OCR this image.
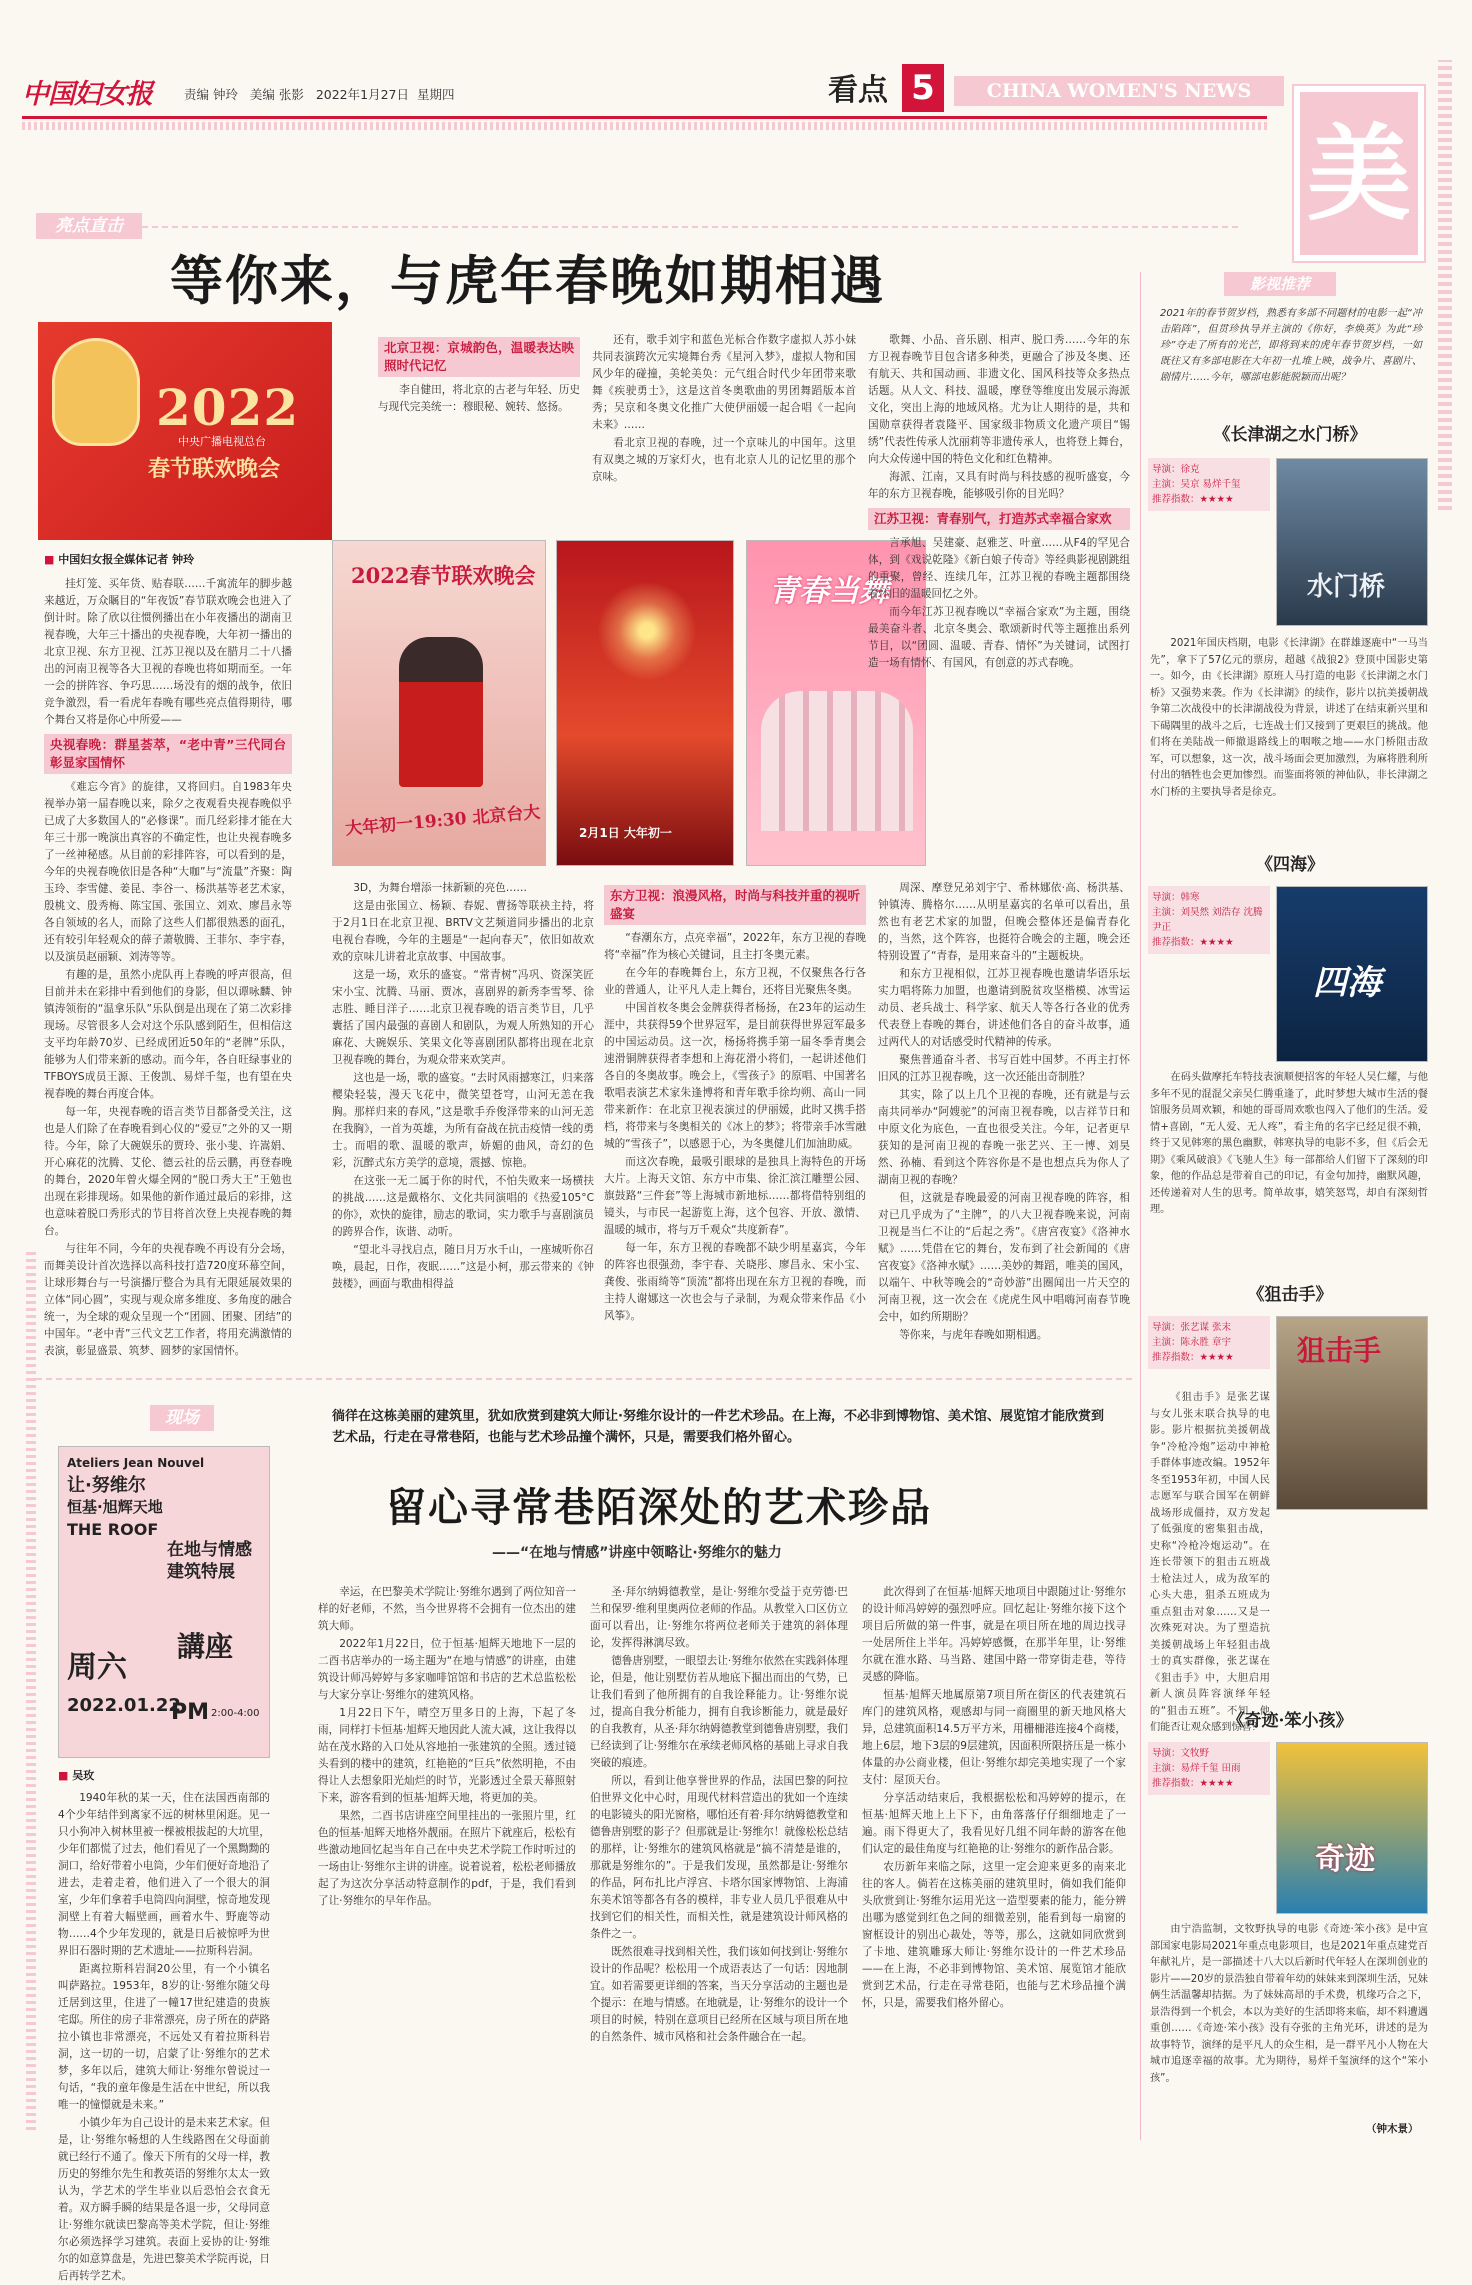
中国妇女报	责编 钟玲 美编 张影 2022年1月27日 星期四	看点 5	CHINA WOMEN'S NEWS
美
亮点直击
等你来，与虎年春晚如期相遇
2022
中央广播电视总台
春节联欢晚会
■ 中国妇女报全媒体记者 钟玲

挂灯笼、买年货、贴春联……千寓流年的脚步越来越近，万众瞩目的“年夜饭”春节联欢晚会也进入了倒计时。除了欣以往惯例播出在小年夜播出的湖南卫视春晚，大年三十播出的央视春晚，大年初一播出的北京卫视、东方卫视、江苏卫视以及在腊月二十八播出的河南卫视等各大卫视的春晚也将如期而至。一年一会的拼阵容、争巧思……场没有的烟的战争，依旧竞争激烈，看一看虎年春晚有哪些亮点值得期待，哪个舞台又将是你心中所爱——

央视春晚：群星荟萃，“老中青”三代同台彰显家国情怀

《难忘今宵》的旋律，又将回归。自1983年央视举办第一届春晚以来，除夕之夜观看央视春晚似乎已成了大多数国人的“必修课”。而几经彩排才能在大年三十那一晚演出真容的不确定性，也让央视春晚多了一丝神秘感。从目前的彩排阵容，可以看到的是，今年的央视春晚依旧是各种“大咖”与“流量”齐聚：陶玉玲、李雪健、姜昆、李谷一、杨洪基等老艺术家，殷桃文、殷秀梅、陈宝国、张国立、刘欢、廖昌永等各自领域的名人，而除了这些人们都很熟悉的面孔，还有较引年轻观众的薛子萧敬腾、王菲尔、李宇春，以及演员赵丽颖、刘涛等等。

有趣的是，虽然小虎队再上春晚的呼声很高，但目前并未在彩排中看到他们的身影，但以谭咏麟、钟镇涛领衔的“温拿乐队”乐队倒是出现在了第二次彩排现场。尽管很多人会对这个乐队感到陌生，但相信这支平均年龄70岁、已经成团近50年的“老牌”乐队，能够为人们带来新的感动。而今年，各自旺绿事业的TFBOYS成员王源、王俊凯、易烊千玺，也有望在央视春晚的舞台再度合体。

每一年，央视春晚的语言类节目都备受关注，这也是人们除了在春晚看到心仪的“爱豆”之外的又一期待。今年，除了大碗娱乐的贾玲、张小斐、许嵩娟、开心麻花的沈腾、艾伦、德云社的岳云鹏，再登春晚的舞台，2020年曾火爆全网的“脱口秀大王”王勉也出现在彩排现场。如果他的新作通过最后的彩排，这也意味着脱口秀形式的节目将首次登上央视春晚的舞台。

与往年不同，今年的央视春晚不再设有分会场，而舞美设计首次选择以高科技打造720度环幕空间，让球形舞台与一号演播厅整合为具有无限延展效果的立体“同心圆”，实现与观众席多维度、多角度的融合统一，为全球的观众呈现一个“团圆、团聚、团结”的中国年。“老中青”三代文艺工作者，将用充满激情的表演，彰显盛景、筑梦、圆梦的家国情怀。

北京卫视：京城韵色，温暖表达映照时代记忆

李自健田，将北京的古老与年轻、历史与现代完美统一：穆眼秘、婉转、悠扬。

还有，歌手刘宇和蓝色光标合作数字虚拟人苏小妹共同表演跨次元实境舞台秀《星河入梦》，虚拟人物和国风少年的碰撞，美轮美奂：元气组合时代少年团带来歌舞《疾驶勇士》，这是这首冬奥歌曲的男团舞蹈版本首秀；吴京和冬奥文化推广大使伊丽媛一起合唱《一起向未来》……

看北京卫视的春晚，过一个京味儿的中国年。这里有双奥之城的万家灯火，也有北京人儿的记忆里的那个京味。

2022春节联欢晚会
大年初一19:30 北京台大	2月1日 大年初一
青春当舞

3D，为舞台增添一抹新颖的亮色……

这是由张国立、杨颖、春妮、曹扬等联袂主持，将于2月1日在北京卫视、BRTV文艺频道同步播出的北京电视台春晚，今年的主题是“一起向春天”，依旧如故欢欢的京味儿讲着北京故事、中国故事。

这是一场，欢乐的盛宴。“常青树”冯巩、资深笑匠宋小宝、沈腾、马丽、贾冰，喜剧界的新秀李雪琴、徐志胜、睡目洋子……北京卫视春晚的语言类节目，几乎囊括了国内最强的喜剧人和剧队，为观人所熟知的开心麻花、大碗娱乐、笑果文化等喜剧团队都将出现在北京卫视春晚的舞台，为观众带来欢笑声。

这也是一场，歌的盛宴。“去时风雨撼寒江，归来落樱染轻装，漫天飞花中，微笑望苍穹，山河无恙在我胸。那样归来的春风，”这是歌手乔俊泽带来的山河无恙在我胸》，一首为英雄，为所有奋战在抗击疫情一线的勇士。而唱的歌、温暖的歌声，娇媚的曲风，奇幻的色彩，沉醉式东方美学的意境，震撼、惊艳。

在这张一无二属于你的时代，不怕失败来一场横扶的挑战……这是戴格尔、文化共同演唱的《热爱105°C的你》，欢快的旋律，励志的歌词，实力歌手与喜剧演员的跨界合作，诙谐、动听。

“望北斗寻找启点，随日月万水千山，一座城听你召唤，晨起，日作，夜眠……”这是小柯，那云带来的《钟鼓楼》，画面与歌曲相得益

东方卫视：浪漫风格，时尚与科技并重的视听盛宴

“春潮东方，点亮幸福”，2022年，东方卫视的春晚将“幸福”作为核心关键词，且主打冬奥元素。

在今年的春晚舞台上，东方卫视，不仅聚焦各行各业的普通人，让平凡人走上舞台，还将目光聚焦冬奥。

中国首枚冬奥会金牌获得者杨扬，在23年的运动生涯中，共获得59个世界冠军，是目前获得世界冠军最多的中国运动员。这一次，杨扬将携手第一届冬季青奥会速滑铜牌获得者李想和上海花滑小将们，一起讲述他们各自的冬奥故事。晚会上，《雪孩子》的原唱、中国著名歌唱表演艺术家朱逢博将和青年歌手徐均朔、高山一同带来新作：在北京卫视表演过的伊丽媛，此时又携手搭档，将带来与冬奥相关的《冰上的梦》；将带亲手冰雪融城的“雪孩子”，以感恩于心，为冬奥健儿们加油助威。

而这次春晚，最吸引眼球的是独具上海特色的开场大片。上海天文馆、东方中市集、徐汇滨江雕塑公园、旗鼓路“三件套”等上海城市新地标……都将借特别组的镜头，与市民一起游览上海，这个包容、开放、激情、温暖的城市，将与万千观众“共度新春”。

每一年，东方卫视的春晚都不缺少明星嘉宾，今年的阵容也很强劲，李宇春、关晓彤、廖昌永、宋小宝、龚俊、张雨绮等“顶流”都将出现在东方卫视的春晚，而主持人谢娜这一次也会与子录制，为观众带来作品《小风筝》。

歌舞、小品、音乐剧、相声、脱口秀……今年的东方卫视春晚节目包含诸多种类，更融合了涉及冬奥、还有航天、共和国动画、非遗文化、国风科技等众多热点话题。从人文、科技、温暖，摩登等维度出发展示海派文化，突出上海的地域风格。尤为让人期待的是，共和国勋章获得者袁隆平、国家级非物质文化遗产项目“锡绣”代表性传承人沈丽莉等非遗传承人，也将登上舞台，向大众传递中国的特色文化和红色精神。

海派、江南，又具有时尚与科技感的视听盛宴，今年的东方卫视春晚，能够吸引你的目光吗？

江苏卫视：青春别气，打造苏式幸福合家欢

言承旭、吴建豪、赵雅芝、叶童……从F4的罕见合体，到《戏说乾隆》《新白娘子传奇》等经典影视剧跳组的重聚，曾经、连续几年，江苏卫视的春晚主题都围绕着怀旧的温暖回忆之外。

而今年江苏卫视春晚以“幸福合家欢”为主题，围绕最美奋斗者、北京冬奥会、歌颂新时代等主题推出系列节目，以“团圆、温暖、青春、情怀”为关键词，试图打造一场有情怀、有国风，有创意的苏式春晚。

周深、摩登兄弟刘宇宁、希林娜依·高、杨洪基、钟镇涛、腾格尔……从明星嘉宾的名单可以看出，虽然也有老艺术家的加盟，但晚会整体还是偏青春化的，当然，这个阵容，也挺符合晚会的主题，晚会还特别设置了“青春，是用来奋斗的”主题板块。

和东方卫视相似，江苏卫视春晚也邀请华语乐坛实力唱将陈力加盟，也邀请到脱贫攻坚楷模、冰雪运动员、老兵战士、科学家、航天人等各行各业的优秀代表登上春晚的舞台，讲述他们各自的奋斗故事，通过两代人的对话感受时代精神的传承。

聚焦普通奋斗者、书写百姓中国梦。不再主打怀旧风的江苏卫视春晚，这一次还能出奇制胜？

其实，除了以上几个卫视的春晚，还有就是与云南共同举办“阿嫂驼”的河南卫视春晚，以吉祥节日和中原文化为底色，一直也很受关注。今年，记者更早获知的是河南卫视的春晚一张艺兴、王一博、刘昊然、孙楠、看到这个阵容你是不是也想点兵为你人了湖南卫视的春晚？

但，这就是春晚最爱的河南卫视春晚的阵容，相对已几乎成为了“主牌”，的八大卫视春晚来说，河南卫视是当仁不让的“后起之秀”。《唐宫夜宴》《洛神水赋》……凭借在它的舞台，发布到了社会新闻的《唐宫夜宴》《洛神水赋》……美妙的舞蹈，唯美的国风，以端午、中秋等晚会的“奇妙游”出圈闻出一片天空的河南卫视，这一次会在《虎虎生风中唱嗨河南春节晚会中，如约所期盼？

等你来，与虎年春晚如期相遇。

现场	徜徉在这栋美丽的建筑里，犹如欣赏到建筑大师让·努维尔设计的一件艺术珍品。在上海，不必非到博物馆、美术馆、展览馆才能欣赏到艺术品，行走在寻常巷陌，也能与艺术珍品撞个满怀，只是，需要我们格外留心。
留心寻常巷陌深处的艺术珍品
——“在地与情感”讲座中领略让·努维尔的魅力
Ateliers Jean Nouvel
让·努维尔
恒基·旭辉天地
THE ROOF
在地与情感 建筑特展
講座
周六
2022.01.22
PM 2:00-4:00
■ 吴玫

1940年秋的某一天，住在法国西南部的4个少年结伴到离家不远的树林里闲逛。见一只小狗冲入树林里被一棵被根拔起的大坑里，少年们都慌了过去，他们看见了一个黑黝黝的洞口，给好带着小电筒，少年们便好奇地沿了进去，走着走着，他们进入了一个很大的洞室，少年们拿着手电筒四向洞壁，惊奇地发现洞壁上有着大幅壁画，画着水牛、野鹿等动物……4个少年发现的，就是日后被惊呼为世界旧石器时期的艺术遗址——拉斯科岩洞。

距离拉斯科岩洞20公里，有一个小镇名叫萨路拉。1953年，8岁的让·努维尔随父母迁居到这里，住进了一幢17世纪建造的贵族宅邸。所住的房子非常漂亮，房子所在的萨路拉小镇也非常漂亮，不远处又有着拉斯科岩洞，这一切的一切，启蒙了让·努维尔的艺术梦，多年以后，建筑大师让·努维尔曾说过一句话，“我的童年像是生活在中世纪，所以我唯一的憧憬就是未来。”

小镇少年为自己设计的是未来艺术家。但是，让·努维尔畅想的人生线路图在父母面前就已经行不通了。像天下所有的父母一样，教历史的努维尔先生和教英语的努维尔太太一致认为，学艺术的学生毕业以后恐怕会衣食无着。双方瞬手瞬的结果是各退一步，父母同意让·努维尔就读巴黎高等美术学院，但让·努维尔必须选择学习建筑。表面上妥协的让·努维尔的如意算盘是，先进巴黎美术学院再说，日后再转学艺术。

幸运，在巴黎美术学院让·努维尔遇到了两位知音一样的好老师，不然，当今世界将不会拥有一位杰出的建筑大师。

2022年1月22日，位于恒基·旭辉天地地下一层的二酉书店举办的一场主题为“在地与情感”的讲座，由建筑设计师冯婷婷与多家咖啡馆馆和书店的艺术总监松松与大家分享让·努维尔的建筑风格。

1月22日下午，晴空万里多日的上海，下起了冬雨，同样打卡恒基·旭辉天地因此人流大减，这让我得以站在茂水路的入口处从容地拍一张建筑的全照。透过镜头看到的楼中的建筑，红艳艳的“巨兵”依然明艳，不由得让人去想象阳光灿烂的时节，光影透过全景天幕照射下来，游客看到的恒基·旭辉天地，将更加的美。

果然，二酉书店讲座空间里挂出的一张照片里，红色的恒基·旭辉天地格外靓丽。在照片下就座后，松松有些激动地回忆起当年自己在中央艺术学院工作时听过的一场由让·努维尔主讲的讲座。说着说着，松松老师播放起了为这次分享活动特意制作的pdf，于是，我们看到了让·努维尔的早年作品。

圣·拜尔纳姆德教堂，是让·努维尔受益于克劳德·巴兰和保罗·维利里奥两位老师的作品。从教堂入口区仿立面可以看出，让·努维尔将两位老师关于建筑的斜体理论，发挥得淋漓尽致。

德鲁唐别墅，一眼望去让·努维尔依然在实践斜体理论，但是，他让别墅仿若从地底下掘出而出的气势，已让我们看到了他所拥有的自我诠释能力。让·努维尔说过，提高自我分析能力，拥有自我诊断能力，就是最好的自我教育，从圣·拜尔纳姆德教堂到德鲁唐别墅，我们已经读到了让·努维尔在承续老师风格的基础上寻求自我突破的痕迹。

所以，看到让他享誉世界的作品，法国巴黎的阿拉伯世界文化中心时，用现代材料营造出的犹如一个连续的电影镜头的阳光窗格，哪怕还有着·拜尔纳姆德教堂和德鲁唐别墅的影子？但那就是让·努维尔！就像松松总结的那样，让·努维尔的建筑风格就是“搞不清楚是谁的，那就是努维尔的”。于是我们发现，虽然都是让·努维尔的作品，阿布扎比卢浮宫、卡塔尔国家博物馆、上海浦东美术馆等都各有各的模样，非专业人员几乎很难从中找到它们的相关性，而相关性，就是建筑设计师风格的条件之一。

既然很难寻找到相关性，我们该如何找到让·努维尔设计的作品呢？松松用一个成语表达了一句话：因地制宜。如若需要更详细的答案，当天分享活动的主题也是个提示：在地与情感。在地就是，让·努维尔的设计一个项目的时候，特别在意项目已经所在区域与项目所在地的自然条件、城市风格和社会条件融合在一起。

此次得到了在恒基·旭辉天地项目中跟随过让·努维尔的设计师冯婷婷的强烈呼应。回忆起让·努维尔接下这个项目后所做的第一件事，就是在项目所在地的周边找寻一处居所住上半年。冯婷婷感慨，在那半年里，让·努维尔就在淮水路、马当路、建国中路一带穿街走巷，等待灵感的降临。

恒基·旭辉天地属原第7项目所在街区的代表建筑石库门的建筑风格，观感却与同一商圈里的新天地风格大异，总建筑面积14.5万平方米，用栅柵港连接4个商楼，地上6层，地下3层的9层建筑，因面积所限挤压是一栋小体量的办公商业楼，但让·努维尔却完美地实现了一个家支付：屋顶天台。

分享活动结束后，我根据松松和冯婷婷的提示，在恒基·旭辉天地上上下下，由角落落仔仔细细地走了一遍。雨下得更大了，我看见好几组不同年龄的游客在他们认定的最佳角度与红艳艳的让·努维尔的新作品合影。

农历新年来临之际，这里一定会迎来更多的南来北往的客人。倘若在这栋美丽的建筑里时，倘如我们能仰头欣赏到让·努维尔运用光这一造型要素的能力，能分辨出哪为感觉到红色之间的细微差别，能看到每一扇窗的窗框设计的别出心裁处，等等，那么，这就如同欣赏到了卡地、建筑雕琢大师让·努维尔设计的一件艺术珍品——在上海，不必非到博物馆、美术馆、展览馆才能欣赏到艺术品，行走在寻常巷陌，也能与艺术珍品撞个满怀，只是，需要我们格外留心。

影视推荐
2021年的春节贺岁档，熟悉有多部不同题材的电影一起“冲击陷阵”，但贯珍执导并主演的《你好，李焕英》为此“珍珍”夺走了所有的光芒，即将到来的虎年春节贺岁档，一如既往又有多部电影在大年初一扎堆上映，战争片、喜剧片、剧情片……今年，哪部电影能脱颖而出呢？
《长津湖之水门桥》
导演：徐克
主演：吴京 易烊千玺
推荐指数：★★★★
水门桥
2021年国庆档期，电影《长津湖》在群雄逐鹿中“一马当先”，拿下了57亿元的票房，超越《战狼2》登顶中国影史第一。如今，由《长津湖》原班人马打造的电影《长津湖之水门桥》又强势来袭。作为《长津湖》的续作，影片以抗美援朝战争第二次战役中的长津湖战役为背景，讲述了在结束新兴里和下碣隅里的战斗之后，七连战士们又接到了更艰巨的挑战。他们将在美陆战一师撤退路线上的咽喉之地——水门桥阻击敌军，可以想象，这一次，战斗场面会更加激烈，为麻将胜利所付出的牺牲也会更加惨烈。而鉴面将领的神仙队，非长津湖之水门桥的主要执导者是徐克。
《四海》
导演：韩寒
主演：刘昊然 刘浩存 沈腾 尹正
推荐指数：★★★★
四海
在码头做摩托车特技表演顺便招客的年轻人吴仁耀，与他多年不见的混混父亲吴仁腾重逢了，此时梦想大城市生活的餐馆服务员周欢颖，和她的哥哥周欢歌也闯入了他们的生活。爱情+喜剧，“无人爱、无人疼”，看主角的名字已经足很不赖，终于又见韩寒的黑色幽默，韩寒执导的电影不多，但《后会无期》《乘风破浪》《飞驰人生》每一部都给人们留下了深刻的印象，他的作品总是带着自己的印记，有金句加持，幽默风趣，还传递着对人生的思考。简单故事，嬉笑怒骂，却自有深刻哲理。
《狙击手》
导演：张艺谋 张末
主演：陈永胜 章宇
推荐指数：★★★★	狙击手
《狙击手》是张艺谋与女儿张末联合执导的电影。影片根据抗美援朝战争“冷枪冷炮”运动中神枪手群体事迹改编。1952年冬至1953年初，中国人民志愿军与联合国军在朝鲜战场形成僵持，双方发起了低强度的密集狙击战，史称“冷枪冷炮运动”。在连长带领下的狙击五班战士枪法过人，成为敌军的心头大患，狙杀五班成为重点狙击对象……又是一次殊死对决。为了塑造抗美援朝战场上年轻狙击战士的真实群像，张艺谋在《狙击手》中，大胆启用新人演员阵容演绎年轻的“狙击五班”。不知，他们能否让观众感到惊喜？
《奇迹·笨小孩》
导演：文牧野
主演：易烊千玺 田雨
推荐指数：★★★★
奇迹
由宁浩监制，文牧野执导的电影《奇迹·笨小孩》是中宣部国家电影局2021年重点电影项目，也是2021年重点建党百年献礼片，是一部描述十八大以后新时代年轻人在深圳创业的影片——20岁的景浩独自带着年幼的妹妹来到深圳生活，兄妹俩生活温馨却拮据。为了妹妹高昂的手术费，机缘巧合之下，景浩得到一个机会，本以为美好的生活即将来临，却不料遭遇重创……《奇迹·笨小孩》没有夺张的主角光环，讲述的是为故事特节，演绎的是平凡人的众生相，是一群平凡小人物在大城市追逐幸福的故事。尤为期待，易烊千玺演绎的这个“笨小孩”。
（钟木景）
